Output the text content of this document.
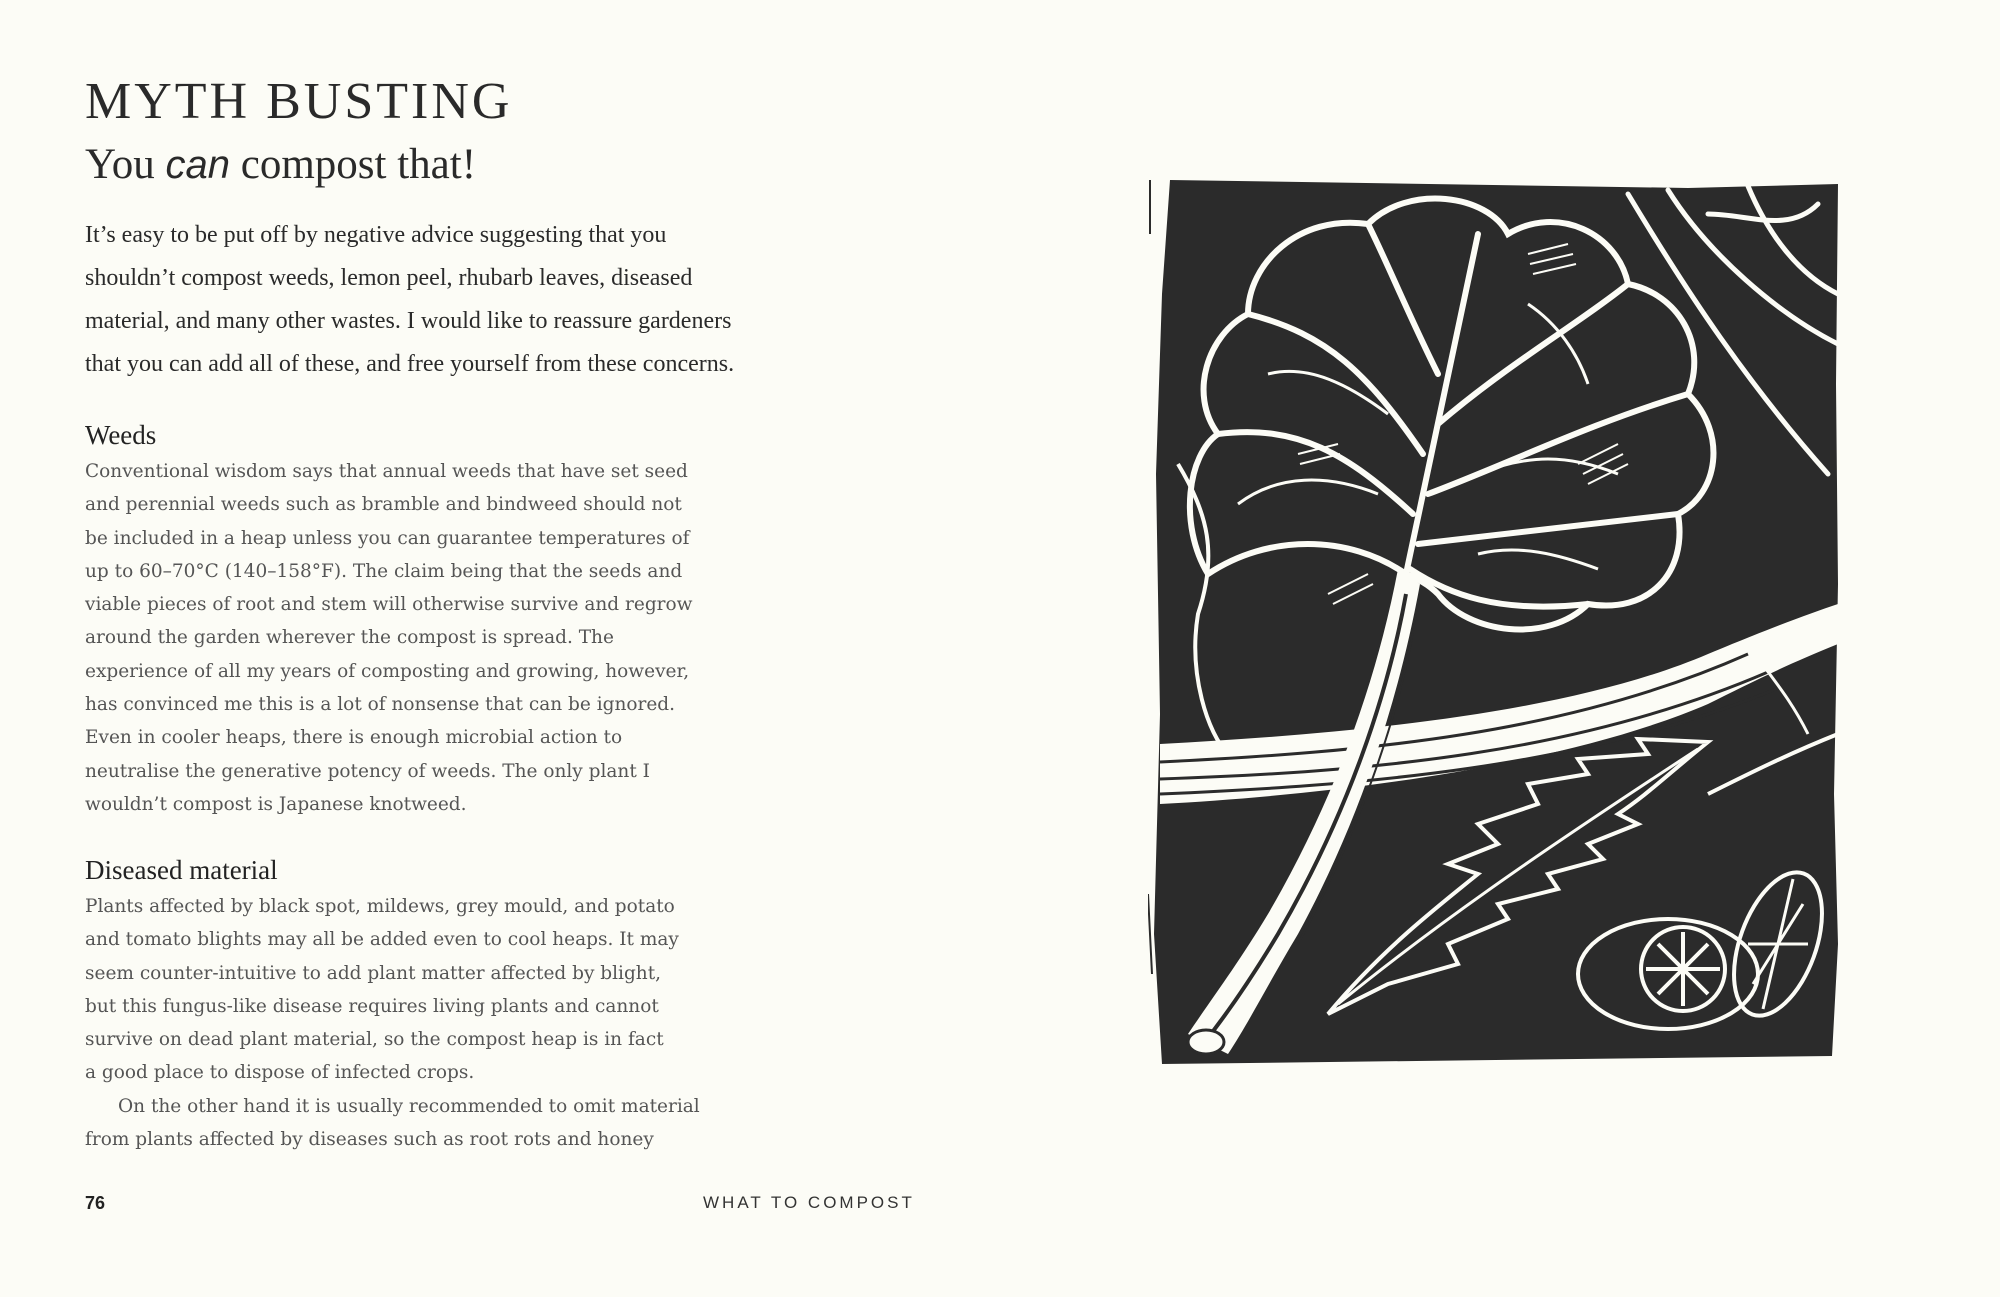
MYTH BUSTING
You can compost that!

It’s easy to be put off by negative advice suggesting that you
shouldn’t compost weeds, lemon peel, rhubarb leaves, diseased
material, and many other wastes. I would like to reassure gardeners
that you can add all of these, and free yourself from these concerns.

Weeds

Conventional wisdom says that annual weeds that have set seed
and perennial weeds such as bramble and bindweed should not
be included in a heap unless you can guarantee temperatures of
up to 60–70°C (140–158°F). The claim being that the seeds and
viable pieces of root and stem will otherwise survive and regrow
around the garden wherever the compost is spread. The
experience of all my years of composting and growing, however,
has convinced me this is a lot of nonsense that can be ignored.
Even in cooler heaps, there is enough microbial action to
neutralise the generative potency of weeds. The only plant I
wouldn’t compost is Japanese knotweed.

Diseased material

Plants affected by black spot, mildews, grey mould, and potato
and tomato blights may all be added even to cool heaps. It may
seem counter-intuitive to add plant matter affected by blight,
but this fungus-like disease requires living plants and cannot
survive on dead plant material, so the compost heap is in fact
a good place to dispose of infected crops.
On the other hand it is usually recommended to omit material
from plants affected by diseases such as root rots and honey

76	WHAT TO COMPOST
